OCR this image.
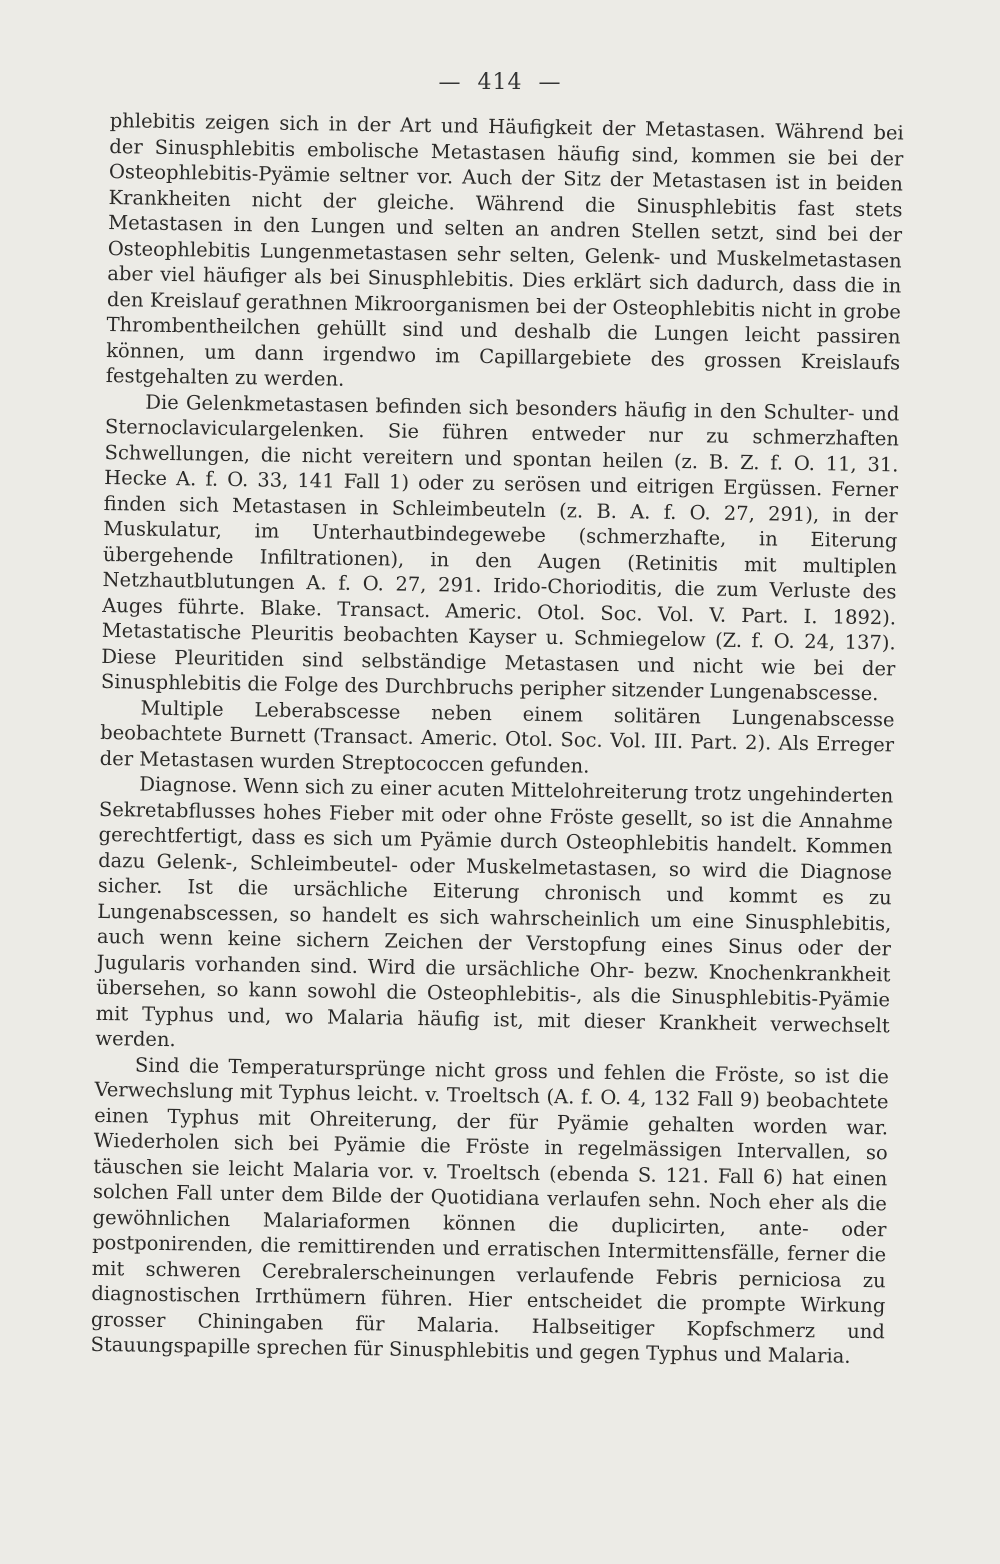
— 414 —

phlebitis zeigen sich in der Art und Häufigkeit der Metastasen. Während bei der Sinusphlebitis embolische Metastasen häufig sind, kommen sie bei der Osteophlebitis-Pyämie seltner vor. Auch der Sitz der Metastasen ist in beiden Krankheiten nicht der gleiche. Während die Sinusphlebitis fast stets Metastasen in den Lungen und selten an andren Stellen setzt, sind bei der Osteophlebitis Lungenmetastasen sehr selten, Gelenk- und Muskelmetastasen aber viel häufiger als bei Sinusphlebitis. Dies erklärt sich dadurch, dass die in den Kreislauf gerathnen Mikroorganismen bei der Osteophlebitis nicht in grobe Thrombentheilchen gehüllt sind und deshalb die Lungen leicht passiren können, um dann irgendwo im Capillargebiete des grossen Kreislaufs festgehalten zu werden.

Die Gelenkmetastasen befinden sich besonders häufig in den Schulter- und Sternoclaviculargelenken. Sie führen entweder nur zu schmerzhaften Schwellungen, die nicht vereitern und spontan heilen (z. B. Z. f. O. 11, 31. Hecke A. f. O. 33, 141 Fall 1) oder zu serösen und eitrigen Ergüssen. Ferner finden sich Metastasen in Schleimbeuteln (z. B. A. f. O. 27, 291), in der Muskulatur, im Unterhautbindegewebe (schmerzhafte, in Eiterung übergehende Infiltrationen), in den Augen (Retinitis mit multiplen Netzhautblutungen A. f. O. 27, 291. Irido-Chorioditis, die zum Verluste des Auges führte. Blake. Transact. Americ. Otol. Soc. Vol. V. Part. I. 1892). Metastatische Pleuritis beobachten Kayser u. Schmiegelow (Z. f. O. 24, 137). Diese Pleuritiden sind selbständige Metastasen und nicht wie bei der Sinusphlebitis die Folge des Durchbruchs peripher sitzender Lungenabscesse.

Multiple Leberabscesse neben einem solitären Lungenabscesse beobachtete Burnett (Transact. Americ. Otol. Soc. Vol. III. Part. 2). Als Erreger der Metastasen wurden Streptococcen gefunden.

Diagnose. Wenn sich zu einer acuten Mittelohreiterung trotz ungehinderten Sekretabflusses hohes Fieber mit oder ohne Fröste gesellt, so ist die Annahme gerechtfertigt, dass es sich um Pyämie durch Osteophlebitis handelt. Kommen dazu Gelenk-, Schleimbeutel- oder Muskelmetastasen, so wird die Diagnose sicher. Ist die ursächliche Eiterung chronisch und kommt es zu Lungenabscessen, so handelt es sich wahrscheinlich um eine Sinusphlebitis, auch wenn keine sichern Zeichen der Verstopfung eines Sinus oder der Jugularis vorhanden sind. Wird die ursächliche Ohr- bezw. Knochenkrankheit übersehen, so kann sowohl die Osteophlebitis-, als die Sinusphlebitis-Pyämie mit Typhus und, wo Malaria häufig ist, mit dieser Krankheit verwechselt werden.

Sind die Temperatursprünge nicht gross und fehlen die Fröste, so ist die Verwechslung mit Typhus leicht. v. Troeltsch (A. f. O. 4, 132 Fall 9) beobachtete einen Typhus mit Ohreiterung, der für Pyämie gehalten worden war. Wiederholen sich bei Pyämie die Fröste in regelmässigen Intervallen, so täuschen sie leicht Malaria vor. v. Troeltsch (ebenda S. 121. Fall 6) hat einen solchen Fall unter dem Bilde der Quotidiana verlaufen sehn. Noch eher als die gewöhnlichen Malariaformen können die duplicirten, ante- oder postponirenden, die remittirenden und erratischen Intermittensfälle, ferner die mit schweren Cerebralerscheinungen verlaufende Febris perniciosa zu diagnostischen Irrthümern führen. Hier entscheidet die prompte Wirkung grosser Chiningaben für Malaria. Halbseitiger Kopfschmerz und Stauungspapille sprechen für Sinusphlebitis und gegen Typhus und Malaria.
